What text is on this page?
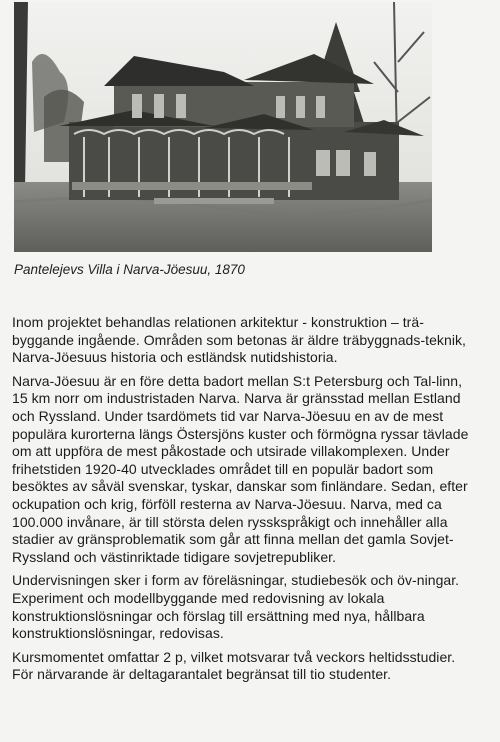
Pantelejevs Villa i Narva-Jöesuu, 1870

Inom projektet behandlas relationen arkitektur - konstruktion – trä-byggande ingående. Områden som betonas är äldre träbyggnads-teknik, Narva-Jöesuus historia och estländsk nutidshistoria.

Narva-Jöesuu är en före detta badort mellan S:t Petersburg och Tal-linn, 15 km norr om industristaden Narva. Narva är gränsstad mellan Estland och Ryssland. Under tsardömets tid var Narva-Jöesuu en av de mest populära kurorterna längs Östersjöns kuster och förmögna ryssar tävlade om att uppföra de mest påkostade och utsirade villakomplexen. Under frihetstiden 1920-40 utvecklades området till en populär badort som besöktes av såväl svenskar, tyskar, danskar som finländare. Sedan, efter ockupation och krig, förföll resterna av Narva-Jöesuu. Narva, med ca 100.000 invånare, är till största delen rysskspråkigt och innehåller alla stadier av gränsproblematik som går att finna mellan det gamla Sovjet-Ryssland och västinriktade tidigare sovjetrepubliker.

Undervisningen sker i form av föreläsningar, studiebesök och öv-ningar. Experiment och modellbyggande med redovisning av lokala konstruktionslösningar och förslag till ersättning med nya, hållbara konstruktionslösningar, redovisas.

Kursmomentet omfattar 2 p, vilket motsvarar två veckors heltidsstudier. För närvarande är deltagarantalet begränsat till tio studenter.
